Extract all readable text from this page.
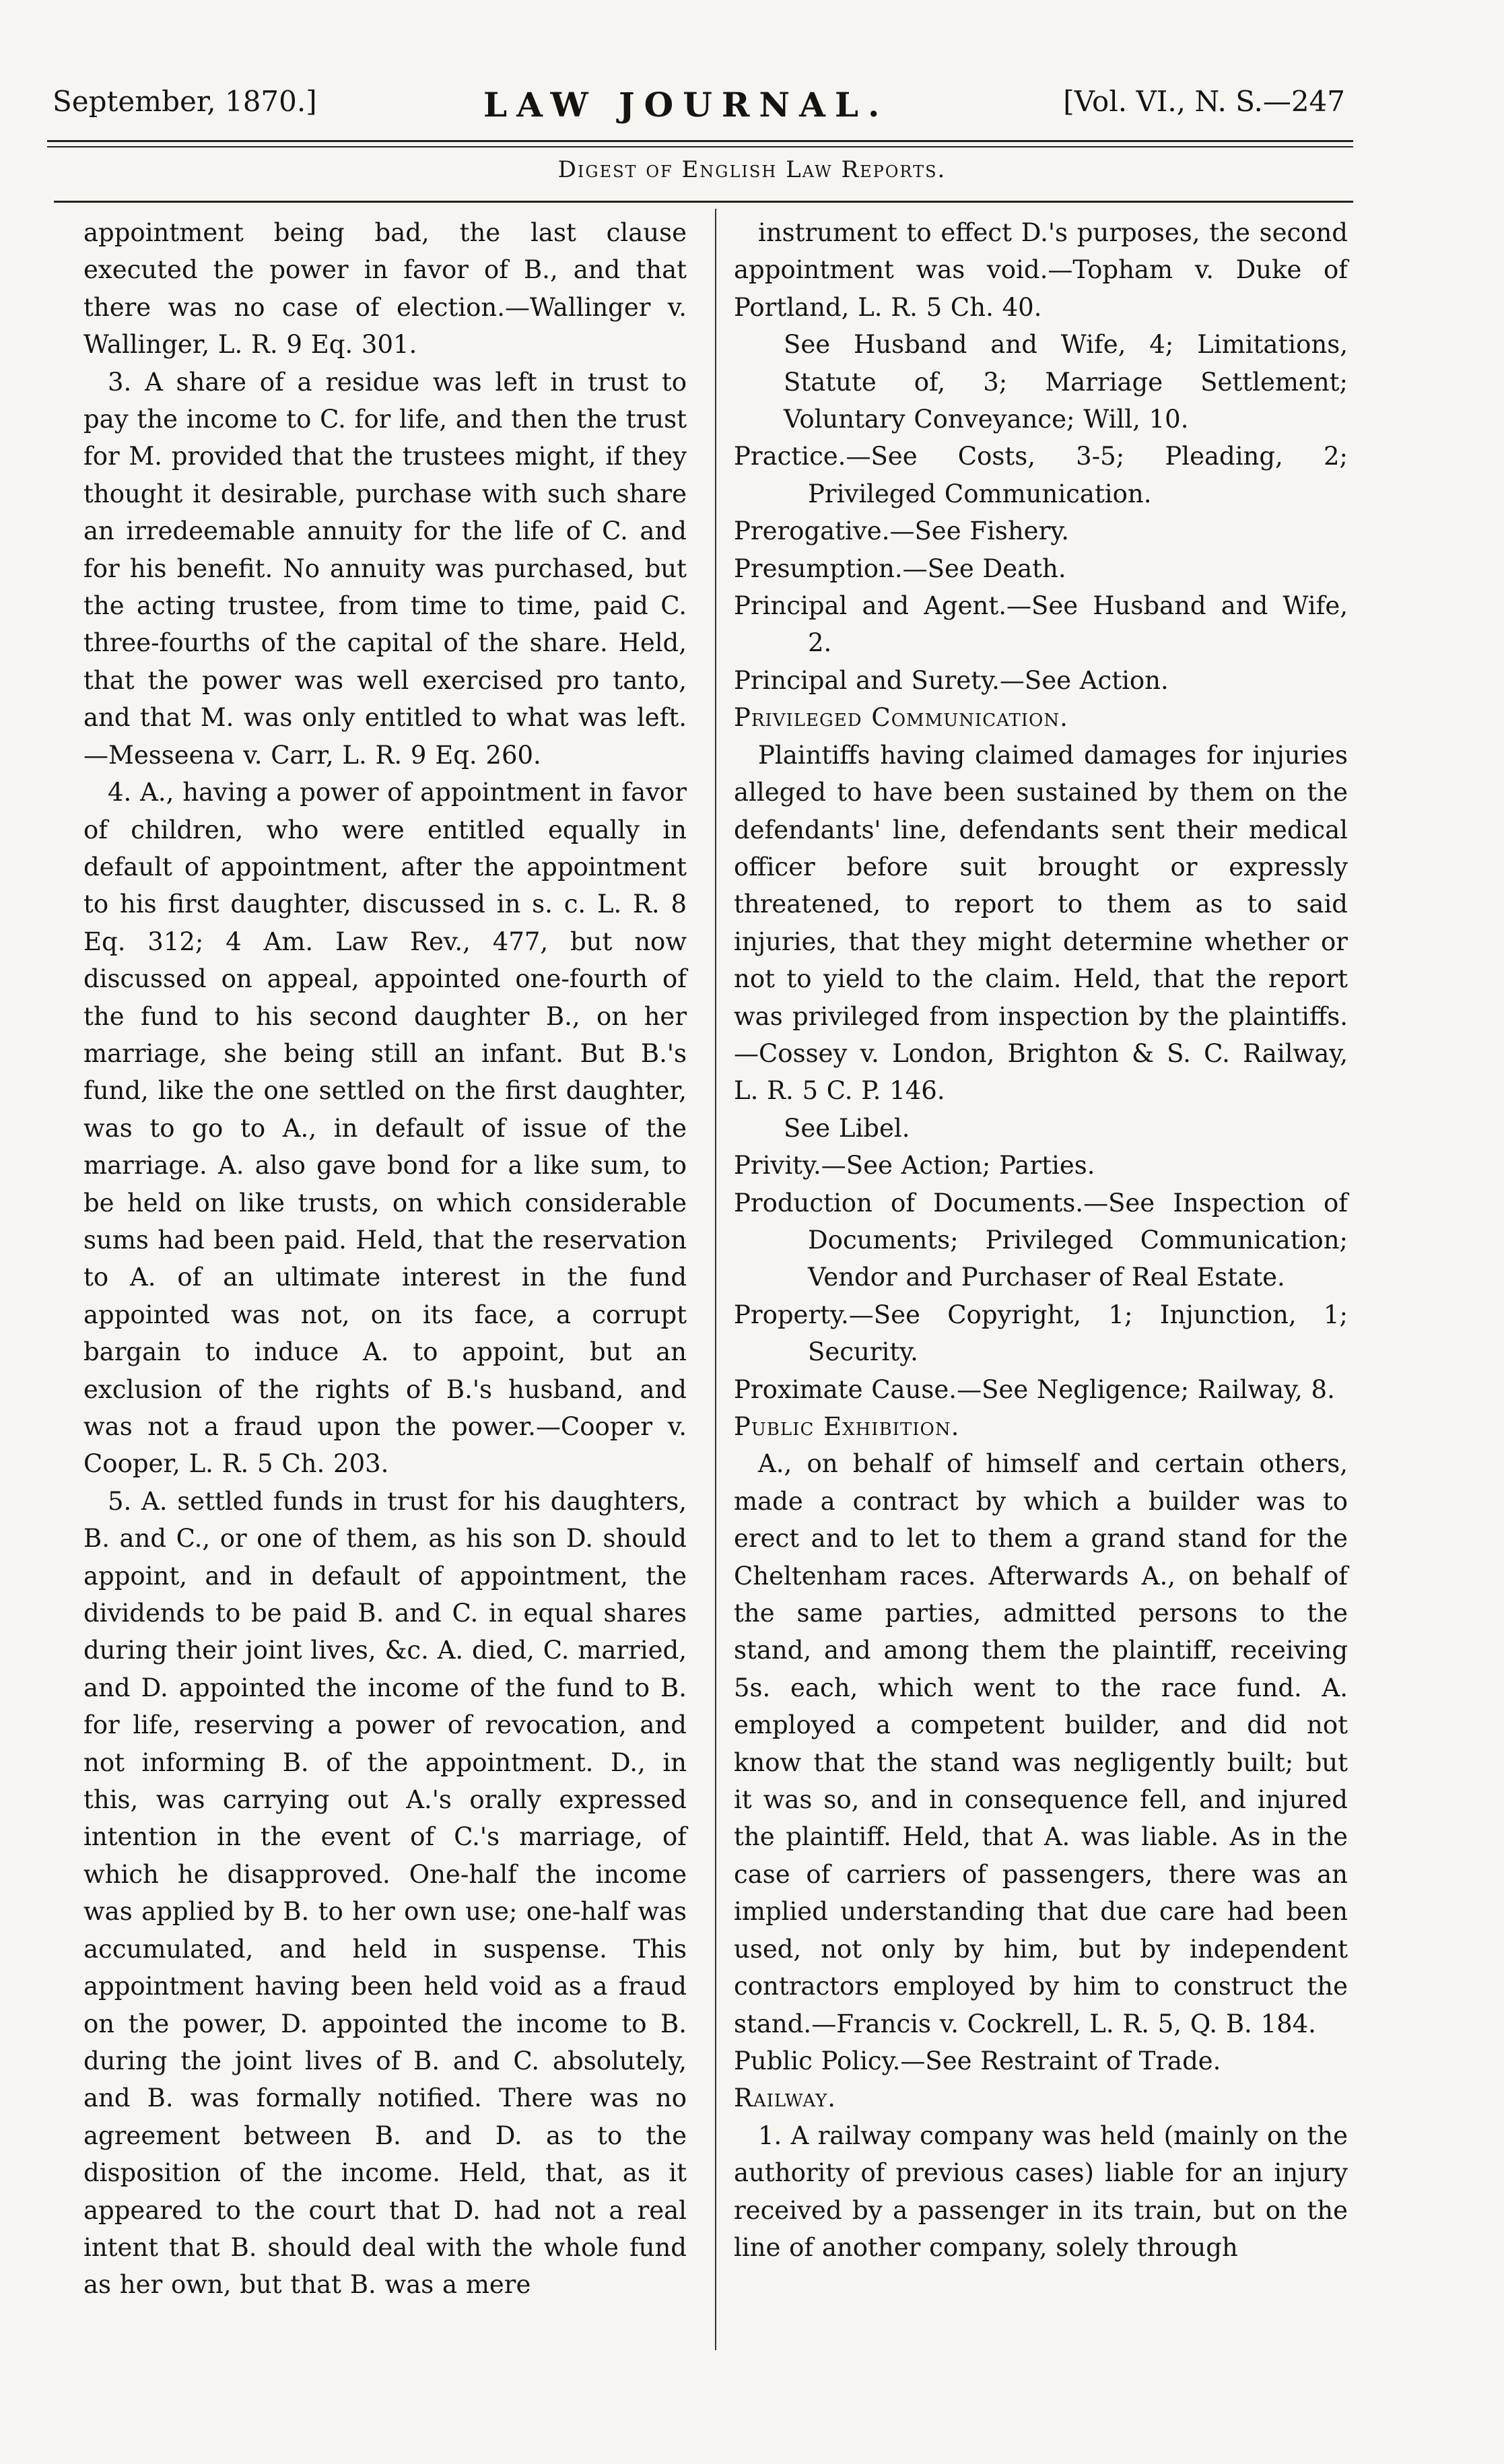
September, 1870.]	LAW JOURNAL.	[Vol. VI., N. S.—247
Digest of English Law Reports.

appointment being bad, the last clause executed the power in favor of B., and that there was no case of election.—Wallinger v. Wallinger, L. R. 9 Eq. 301.

3. A share of a residue was left in trust to pay the income to C. for life, and then the trust for M. provided that the trustees might, if they thought it desirable, purchase with such share an irredeemable annuity for the life of C. and for his benefit. No annuity was purchased, but the acting trustee, from time to time, paid C. three-fourths of the capital of the share. Held, that the power was well exercised pro tanto, and that M. was only entitled to what was left.—Messeena v. Carr, L. R. 9 Eq. 260.

4. A., having a power of appointment in favor of children, who were entitled equally in default of appointment, after the appointment to his first daughter, discussed in s. c. L. R. 8 Eq. 312; 4 Am. Law Rev., 477, but now discussed on appeal, appointed one-fourth of the fund to his second daughter B., on her marriage, she being still an infant. But B.'s fund, like the one settled on the first daughter, was to go to A., in default of issue of the marriage. A. also gave bond for a like sum, to be held on like trusts, on which considerable sums had been paid. Held, that the reservation to A. of an ultimate interest in the fund appointed was not, on its face, a corrupt bargain to induce A. to appoint, but an exclusion of the rights of B.'s husband, and was not a fraud upon the power.—Cooper v. Cooper, L. R. 5 Ch. 203.

5. A. settled funds in trust for his daughters, B. and C., or one of them, as his son D. should appoint, and in default of appointment, the dividends to be paid B. and C. in equal shares during their joint lives, &c. A. died, C. married, and D. appointed the income of the fund to B. for life, reserving a power of revocation, and not informing B. of the appointment. D., in this, was carrying out A.'s orally expressed intention in the event of C.'s marriage, of which he disapproved. One-half the income was applied by B. to her own use; one-half was accumulated, and held in suspense. This appointment having been held void as a fraud on the power, D. appointed the income to B. during the joint lives of B. and C. absolutely, and B. was formally notified. There was no agreement between B. and D. as to the disposition of the income. Held, that, as it appeared to the court that D. had not a real intent that B. should deal with the whole fund as her own, but that B. was a mere

instrument to effect D.'s purposes, the second appointment was void.—Topham v. Duke of Portland, L. R. 5 Ch. 40.

See Husband and Wife, 4; Limitations, Statute of, 3; Marriage Settlement; Voluntary Conveyance; Will, 10.

Practice.—See Costs, 3-5; Pleading, 2; Privileged Communication.

Prerogative.—See Fishery.

Presumption.—See Death.

Principal and Agent.—See Husband and Wife, 2.

Principal and Surety.—See Action.

Privileged Communication.

Plaintiffs having claimed damages for injuries alleged to have been sustained by them on the defendants' line, defendants sent their medical officer before suit brought or expressly threatened, to report to them as to said injuries, that they might determine whether or not to yield to the claim. Held, that the report was privileged from inspection by the plaintiffs.—Cossey v. London, Brighton & S. C. Railway, L. R. 5 C. P. 146.

See Libel.

Privity.—See Action; Parties.

Production of Documents.—See Inspection of Documents; Privileged Communication; Vendor and Purchaser of Real Estate.

Property.—See Copyright, 1; Injunction, 1; Security.

Proximate Cause.—See Negligence; Railway, 8.

Public Exhibition.

A., on behalf of himself and certain others, made a contract by which a builder was to erect and to let to them a grand stand for the Cheltenham races. Afterwards A., on behalf of the same parties, admitted persons to the stand, and among them the plaintiff, receiving 5s. each, which went to the race fund. A. employed a competent builder, and did not know that the stand was negligently built; but it was so, and in consequence fell, and injured the plaintiff. Held, that A. was liable. As in the case of carriers of passengers, there was an implied understanding that due care had been used, not only by him, but by independent contractors employed by him to construct the stand.—Francis v. Cockrell, L. R. 5, Q. B. 184.

Public Policy.—See Restraint of Trade.

Railway.

1. A railway company was held (mainly on the authority of previous cases) liable for an injury received by a passenger in its train, but on the line of another company, solely through
